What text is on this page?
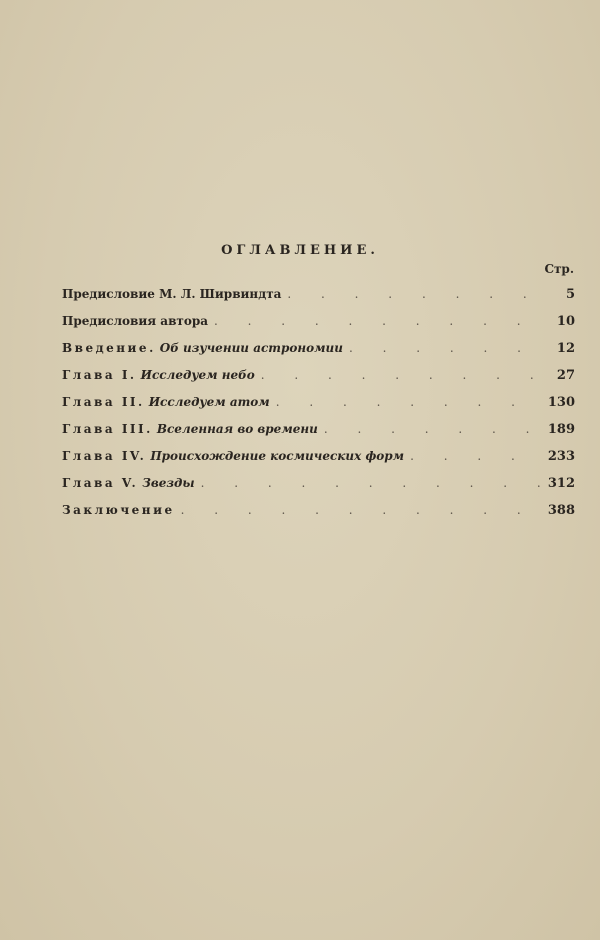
ОГЛАВЛЕНИЕ.
Стр.
Предисловие М. Л. Ширвиндта . . .	5
Предисловия автора . . .	10
Введение. Об изучении астрономии . . .	12
Глава I. Исследуем небо . . .	27
Глава II. Исследуем атом . . .	130
Глава III. Вселенная во времени . . .	189
Глава IV. Происхождение космических форм . . .	233
Глава V. Звезды . . .	312
Заключение . . .	388
